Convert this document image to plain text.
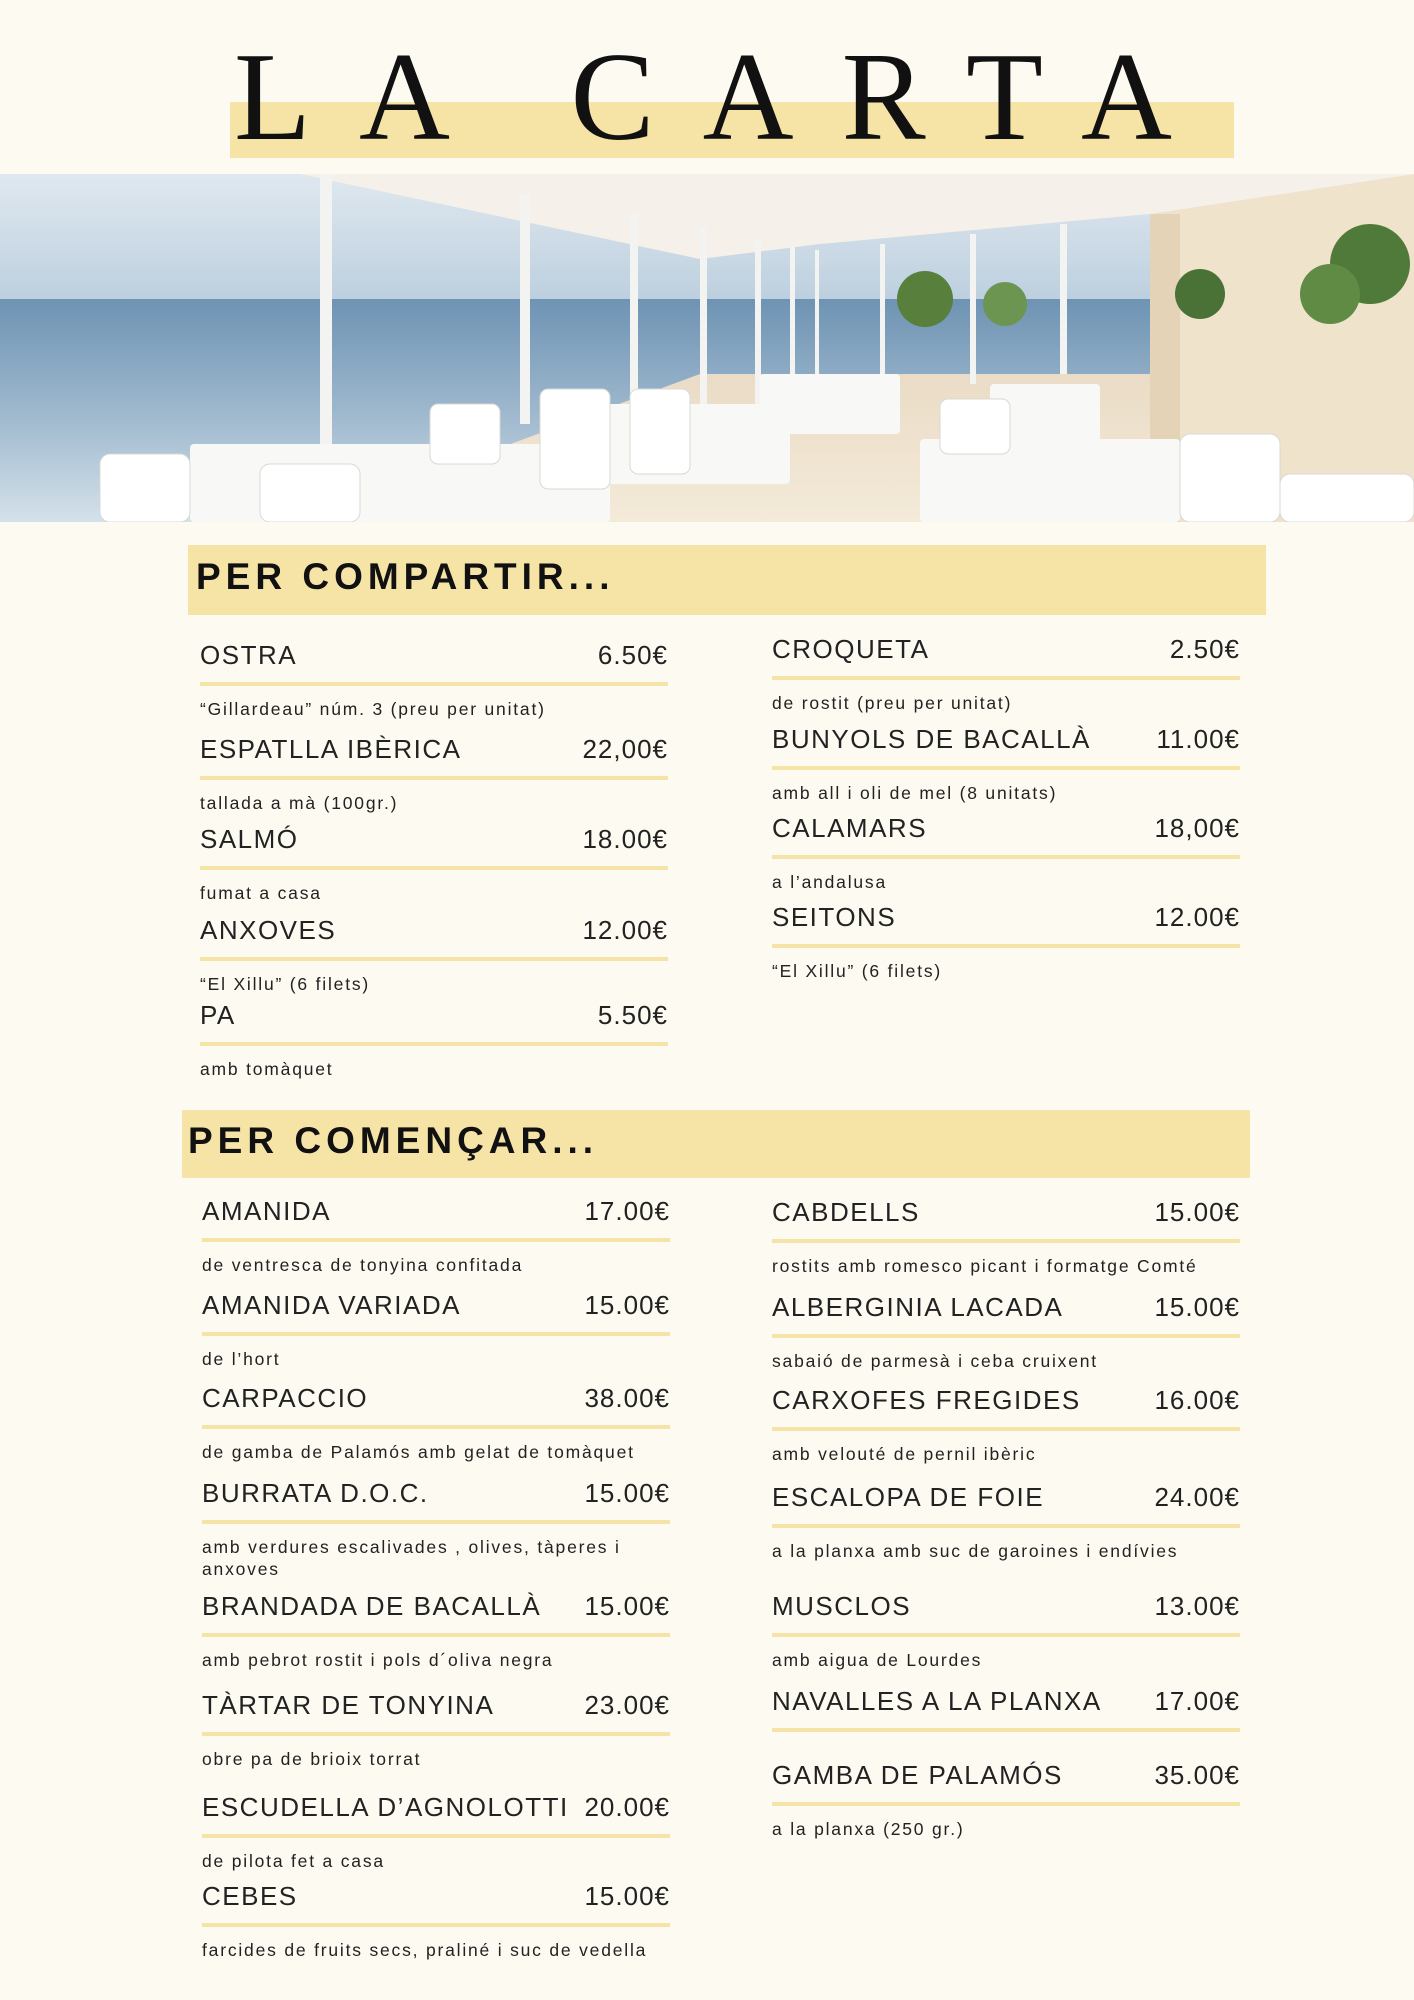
LA CARTA
PER COMPARTIR...
OSTRA	6.50€
“Gillardeau” núm. 3 (preu per unitat)
ESPATLLA IBÈRICA	22,00€
tallada a mà (100gr.)
SALMÓ	18.00€
fumat a casa
ANXOVES	12.00€
“El Xillu” (6 filets)
PA	5.50€
amb tomàquet
CROQUETA	2.50€
de rostit (preu per unitat)
BUNYOLS DE BACALLÀ	11.00€
amb all i oli de mel (8 unitats)
CALAMARS	18,00€
a l’andalusa
SEITONS	12.00€
“El Xillu” (6 filets)
PER COMENÇAR...
AMANIDA	17.00€
de ventresca de tonyina confitada
AMANIDA VARIADA	15.00€
de l’hort
CARPACCIO	38.00€
de gamba de Palamós amb gelat de tomàquet
BURRATA D.O.C.	15.00€
amb verdures escalivades , olives, tàperes i anxoves
BRANDADA DE BACALLÀ 15.00€
amb pebrot rostit i pols d´oliva negra
TÀRTAR DE TONYINA	23.00€
obre pa de brioix torrat
ESCUDELLA D’AGNOLOTTI 20.00€
de pilota fet a casa
CEBES	15.00€
farcides de fruits secs, praliné i suc de vedella
CABDELLS	15.00€
rostits amb romesco picant i formatge Comté
ALBERGINIA LACADA	15.00€
sabaió de parmesà i ceba cruixent
CARXOFES FREGIDES	16.00€
amb velouté de pernil ibèric
ESCALOPA DE FOIE	24.00€
a la planxa amb suc de garoines i endívies
MUSCLOS	13.00€
amb aigua de Lourdes
NAVALLES A LA PLANXA 17.00€
GAMBA DE PALAMÓS	35.00€
a la planxa (250 gr.)
